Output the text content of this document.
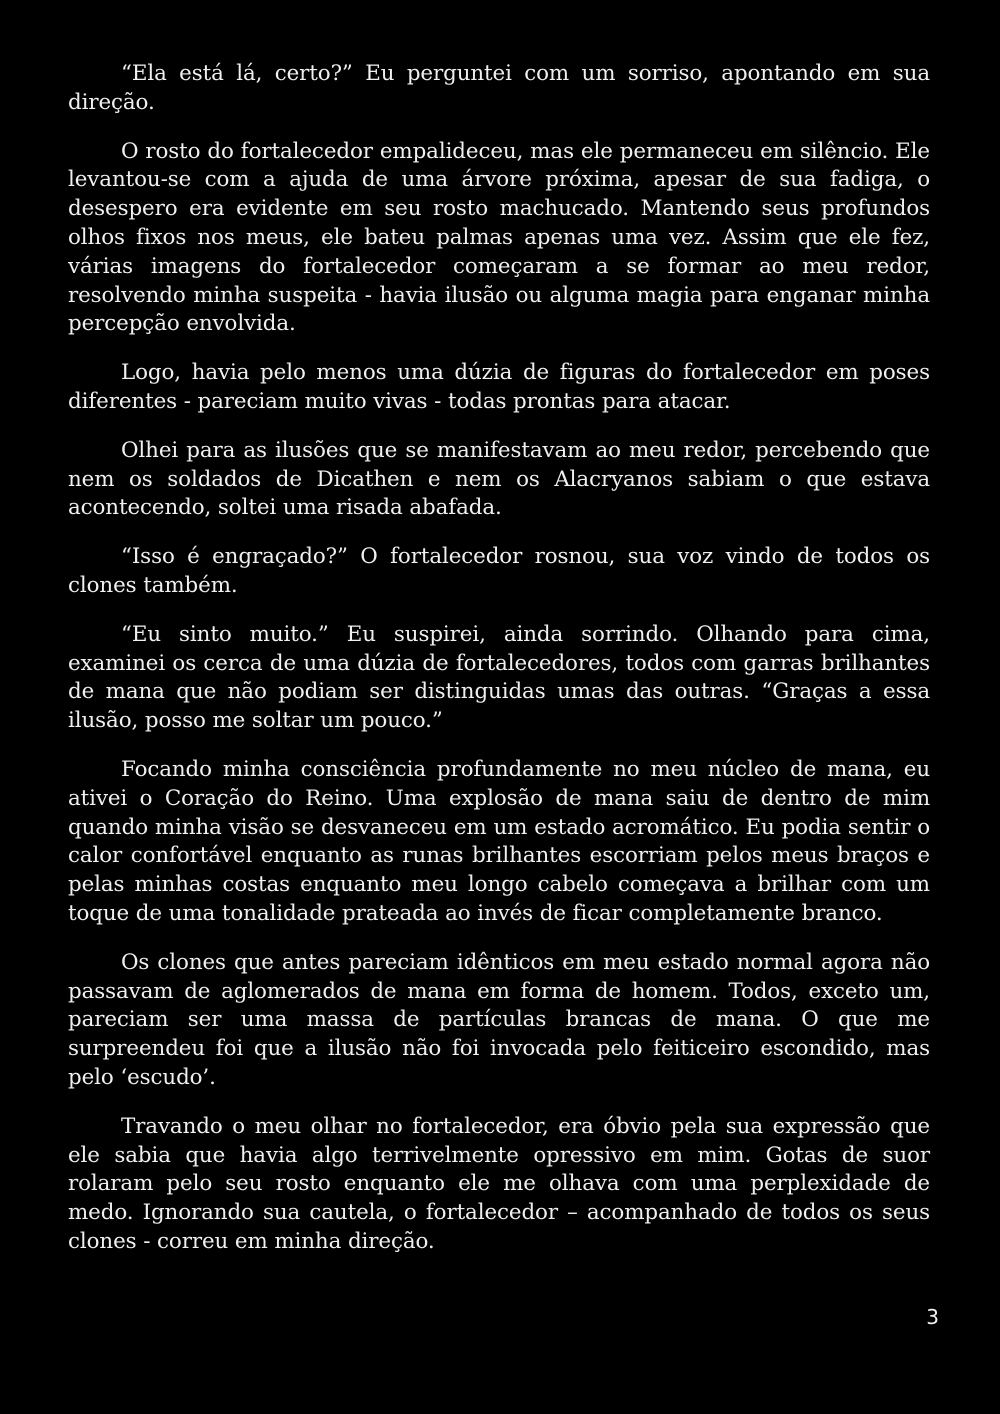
“Ela está lá, certo?” Eu perguntei com um sorriso, apontando em sua direção.

O rosto do fortalecedor empalideceu, mas ele permaneceu em silêncio. Ele levantou-se com a ajuda de uma árvore próxima, apesar de sua fadiga, o desespero era evidente em seu rosto machucado. Mantendo seus profundos olhos fixos nos meus, ele bateu palmas apenas uma vez. Assim que ele fez, várias imagens do fortalecedor começaram a se formar ao meu redor, resolvendo minha suspeita - havia ilusão ou alguma magia para enganar minha percepção envolvida.

Logo, havia pelo menos uma dúzia de figuras do fortalecedor em poses diferentes - pareciam muito vivas - todas prontas para atacar.

Olhei para as ilusões que se manifestavam ao meu redor, percebendo que nem os soldados de Dicathen e nem os Alacryanos sabiam o que estava acontecendo, soltei uma risada abafada.

“Isso é engraçado?” O fortalecedor rosnou, sua voz vindo de todos os clones também.

“Eu sinto muito.” Eu suspirei, ainda sorrindo. Olhando para cima, examinei os cerca de uma dúzia de fortalecedores, todos com garras brilhantes de mana que não podiam ser distinguidas umas das outras. “Graças a essa ilusão, posso me soltar um pouco.”

Focando minha consciência profundamente no meu núcleo de mana, eu ativei o Coração do Reino. Uma explosão de mana saiu de dentro de mim quando minha visão se desvaneceu em um estado acromático. Eu podia sentir o calor confortável enquanto as runas brilhantes escorriam pelos meus braços e pelas minhas costas enquanto meu longo cabelo começava a brilhar com um toque de uma tonalidade prateada ao invés de ficar completamente branco.

Os clones que antes pareciam idênticos em meu estado normal agora não passavam de aglomerados de mana em forma de homem. Todos, exceto um, pareciam ser uma massa de partículas brancas de mana. O que me surpreendeu foi que a ilusão não foi invocada pelo feiticeiro escondido, mas pelo ‘escudo’.

Travando o meu olhar no fortalecedor, era óbvio pela sua expressão que ele sabia que havia algo terrivelmente opressivo em mim. Gotas de suor rolaram pelo seu rosto enquanto ele me olhava com uma perplexidade de medo. Ignorando sua cautela, o fortalecedor – acompanhado de todos os seus clones - correu em minha direção.

3
